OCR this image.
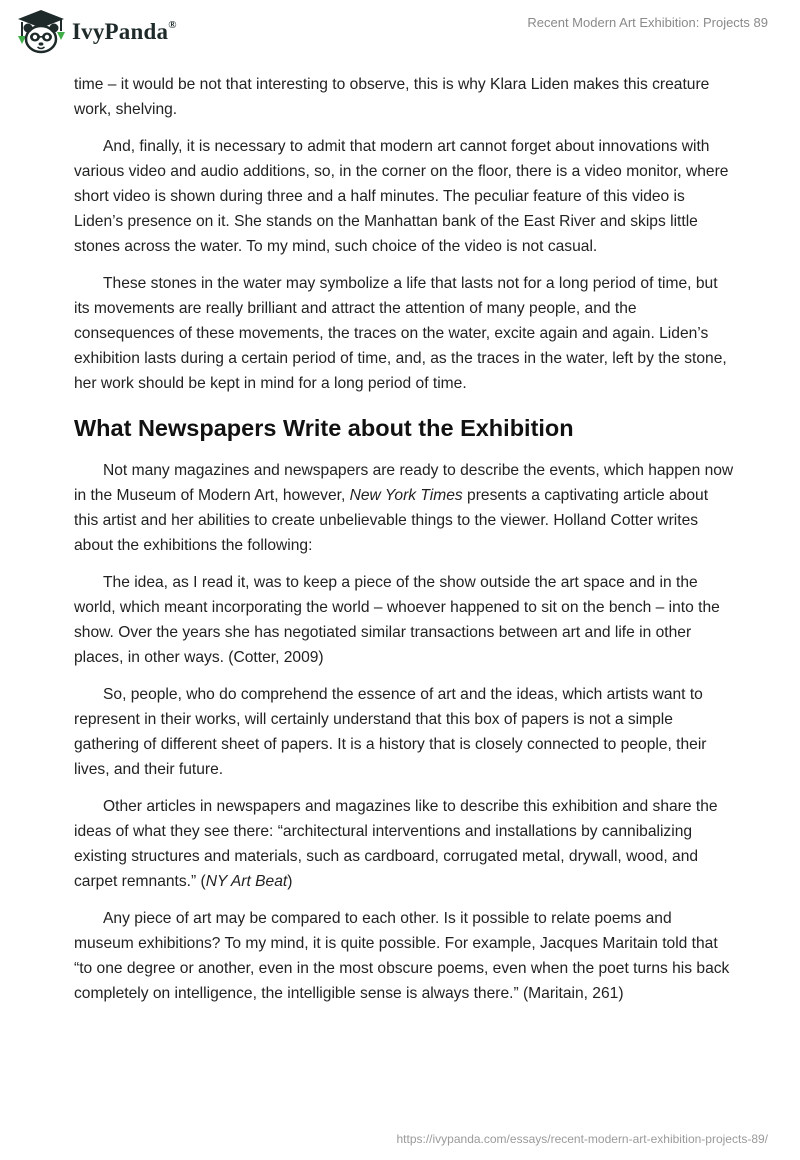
IvyPanda®	Recent Modern Art Exhibition: Projects 89

time – it would be not that interesting to observe, this is why Klara Liden makes this creature work, shelving.

And, finally, it is necessary to admit that modern art cannot forget about innovations with various video and audio additions, so, in the corner on the floor, there is a video monitor, where short video is shown during three and a half minutes. The peculiar feature of this video is Liden’s presence on it. She stands on the Manhattan bank of the East River and skips little stones across the water. To my mind, such choice of the video is not casual.

These stones in the water may symbolize a life that lasts not for a long period of time, but its movements are really brilliant and attract the attention of many people, and the consequences of these movements, the traces on the water, excite again and again. Liden’s exhibition lasts during a certain period of time, and, as the traces in the water, left by the stone, her work should be kept in mind for a long period of time.

What Newspapers Write about the Exhibition

Not many magazines and newspapers are ready to describe the events, which happen now in the Museum of Modern Art, however, New York Times presents a captivating article about this artist and her abilities to create unbelievable things to the viewer. Holland Cotter writes about the exhibitions the following:

The idea, as I read it, was to keep a piece of the show outside the art space and in the world, which meant incorporating the world – whoever happened to sit on the bench – into the show. Over the years she has negotiated similar transactions between art and life in other places, in other ways. (Cotter, 2009)

So, people, who do comprehend the essence of art and the ideas, which artists want to represent in their works, will certainly understand that this box of papers is not a simple gathering of different sheet of papers. It is a history that is closely connected to people, their lives, and their future.

Other articles in newspapers and magazines like to describe this exhibition and share the ideas of what they see there: “architectural interventions and installations by cannibalizing existing structures and materials, such as cardboard, corrugated metal, drywall, wood, and carpet remnants.” (NY Art Beat)

Any piece of art may be compared to each other. Is it possible to relate poems and museum exhibitions? To my mind, it is quite possible. For example, Jacques Maritain told that “to one degree or another, even in the most obscure poems, even when the poet turns his back completely on intelligence, the intelligible sense is always there.” (Maritain, 261)

https://ivypanda.com/essays/recent-modern-art-exhibition-projects-89/
